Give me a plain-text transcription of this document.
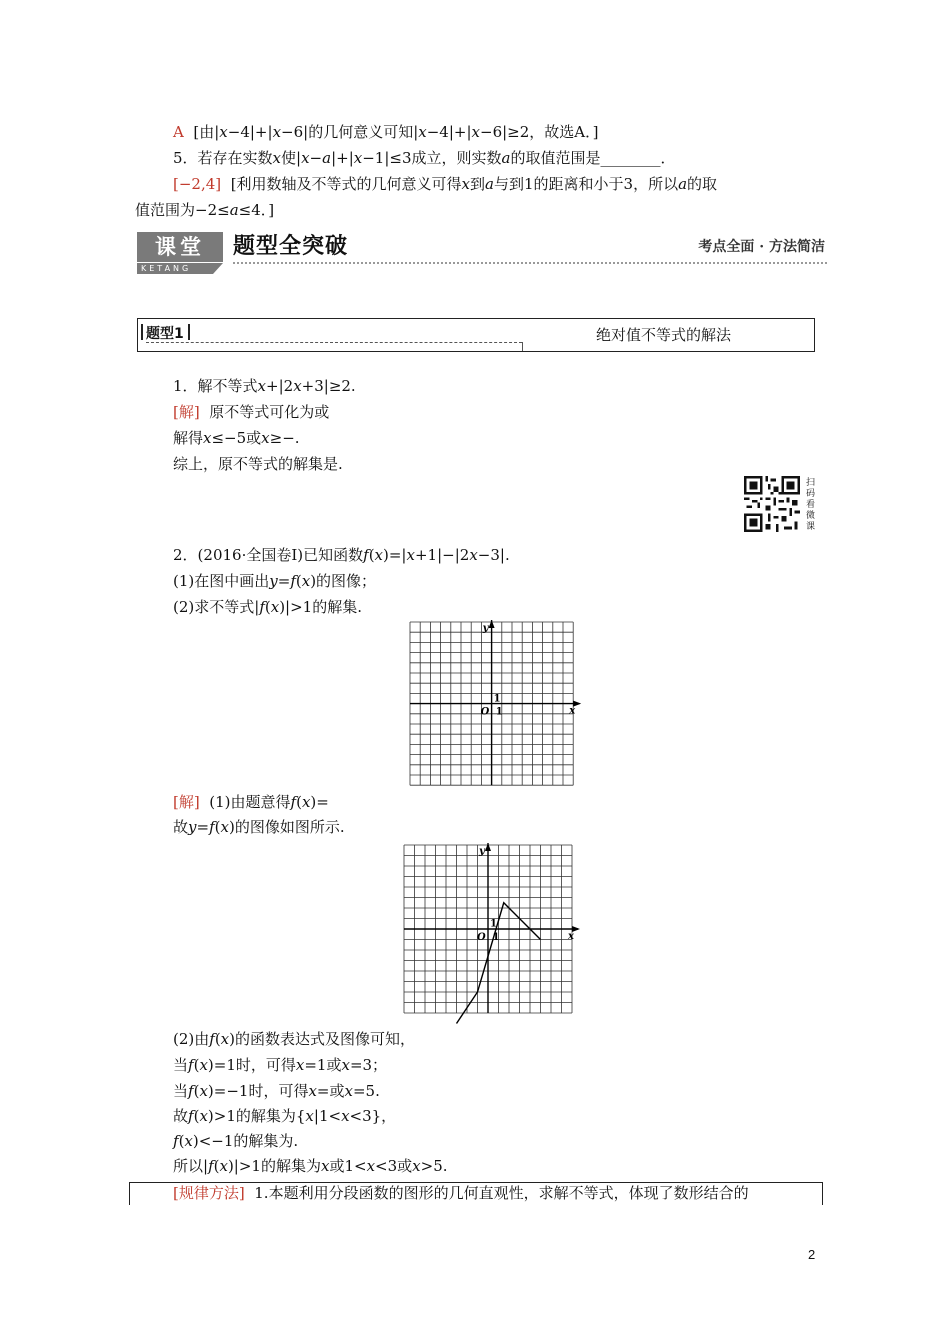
A [由|x−4|+|x−6|的几何意义可知|x−4|+|x−6|≥2，故选A．]
5．若存在实数x使|x−a|+|x−1|≤3成立，则实数a的取值范围是________．
[−2,4] [利用数轴及不等式的几何意义可得x到a与到1的距离和小于3，所以a的取
值范围为−2≤a≤4．]
课堂
KETANG
题型全突破	考点全面 · 方法简洁
题型1	绝对值不等式的解法
1．解不等式x+|2x+3|≥2.
[解] 原不等式可化为或
解得x≤−5或x≥−.
综上，原不等式的解集是.
扫码看微课
2．(2016·全国卷Ⅰ)已知函数f(x)=|x+1|−|2x−3|.
(1)在图中画出y=f(x)的图像；
(2)求不等式|f(x)|>1的解集.
x
y
O 1
1
[解] (1)由题意得f(x)=
故y=f(x)的图像如图所示.
x
y
O 1
1
(2)由f(x)的函数表达式及图像可知，
当f(x)=1时，可得x=1或x=3；
当f(x)=−1时，可得x=或x=5.
故f(x)>1的解集为{x|1<x<3}，
f(x)<−1的解集为.
所以|f(x)|>1的解集为x或1<x<3或x>5.
[规律方法] 1.本题利用分段函数的图形的几何直观性，求解不等式，体现了数形结合的
2
